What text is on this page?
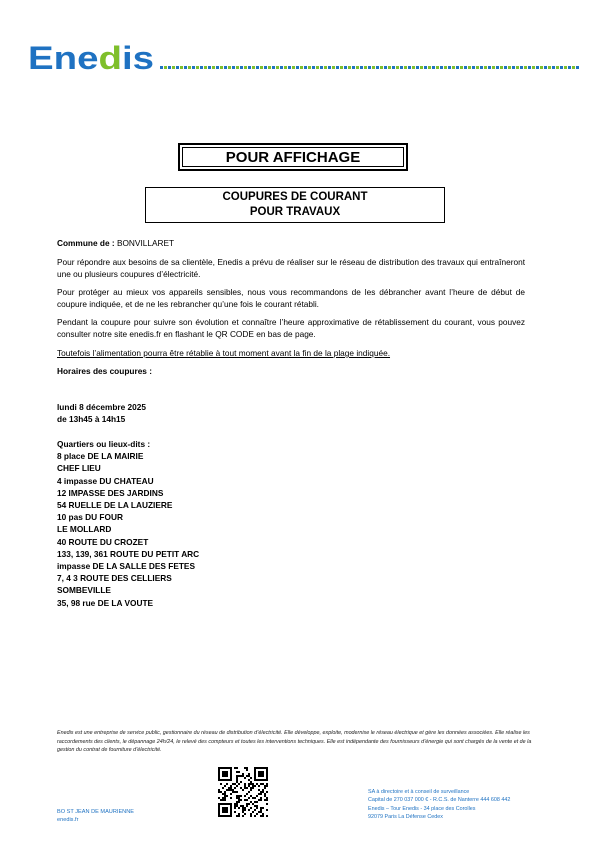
Enedis
POUR AFFICHAGE
COUPURES DE COURANT
POUR TRAVAUX
Commune de : BONVILLARET
Pour répondre aux besoins de sa clientèle, Enedis a prévu de réaliser sur le réseau de distribution des travaux qui entraîneront une ou plusieurs coupures d’électricité.
Pour protéger au mieux vos appareils sensibles, nous vous recommandons de les débrancher avant l’heure de début de coupure indiquée, et de ne les rebrancher qu’une fois le courant rétabli.
Pendant la coupure pour suivre son évolution et connaître l’heure approximative de rétablissement du courant, vous pouvez consulter notre site enedis.fr en flashant le QR CODE en bas de page.
Toutefois l’alimentation pourra être rétablie à tout moment avant la fin de la plage indiquée.
Horaires des coupures :
lundi 8 décembre 2025
de 13h45 à 14h15
Quartiers ou lieux-dits :
8 place DE LA MAIRIE
CHEF LIEU
4 impasse DU CHATEAU
12 IMPASSE DES JARDINS
54 RUELLE DE LA LAUZIERE
10 pas DU FOUR
LE MOLLARD
40 ROUTE DU CROZET
133, 139, 361 ROUTE DU PETIT ARC
impasse DE LA SALLE DES FETES
7, 4 3 ROUTE DES CELLIERS
SOMBEVILLE
35, 98 rue DE LA VOUTE
Enedis est une entreprise de service public, gestionnaire du réseau de distribution d’électricité. Elle développe, exploite, modernise le réseau électrique et gère les données associées. Elle réalise les raccordements des clients, le dépannage 24h/24, le relevé des compteurs et toutes les interventions techniques. Elle est indépendante des fournisseurs d’énergie qui sont chargés de la vente et de la gestion du contrat de fourniture d’électricité.
BO ST JEAN DE MAURIENNE
enedis.fr
SA à directoire et à conseil de surveillance
Capital de 270 037 000 € - R.C.S. de Nanterre 444 608 442
Enedis – Tour Enedis - 34 place des Corolles
92079 Paris La Défense Cedex
